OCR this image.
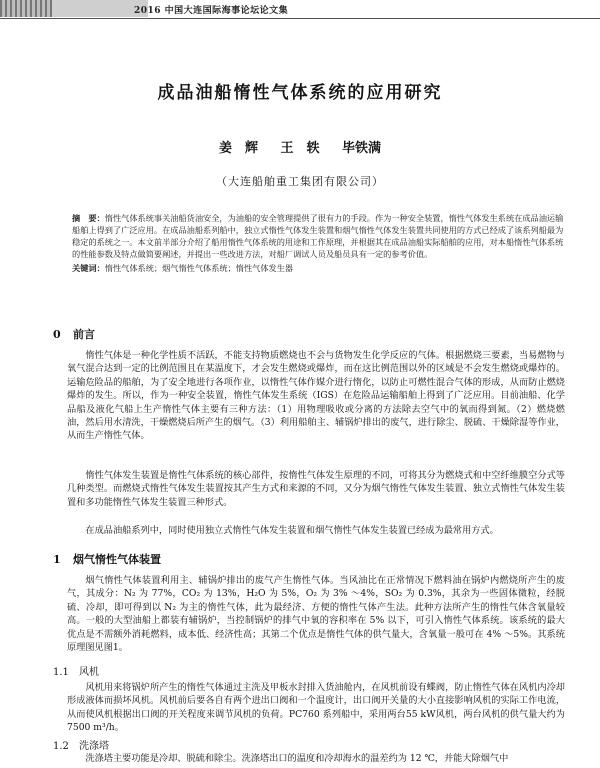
2016 中国大连国际海事论坛论文集
成品油船惰性气体系统的应用研究
姜　辉 王　轶 毕铁满
（大连船舶重工集团有限公司）
摘　要：惰性气体系统事关油船货油安全，为油船的安全管理提供了很有力的手段。作为一种安全装置，惰性气体发生系统在成品油运输船舶上得到了广泛应用。在成品油船系列船中，独立式惰性气体发生装置和烟气惰性气体发生装置共同使用的方式已经成了该系列船最为稳定的系统之一。本文前半部分介绍了船用惰性气体系统的用途和工作原理，并根据其在成品油船实际船舶的应用，对本船惰性气体系统的性能参数及特点做简要阐述，并提出一些改进方法，对船厂调试人员及船员具有一定的参考价值。
关键词：惰性气体系统；烟气惰性气体系统；惰性气体发生器
0 前言

惰性气体是一种化学性质不活跃，不能支持物质燃烧也不会与货物发生化学反应的气体。根据燃烧三要素，当易燃物与氧气混合达到一定的比例范围且在某温度下，才会发生燃烧或爆炸，而在这比例范围以外的区域是不会发生燃烧或爆炸的。运输危险品的船舶，为了安全地进行各项作业，以惰性气体作媒介进行惰化，以防止可燃性混合气体的形成，从而防止燃烧爆炸的发生。所以，作为一种安全装置，惰性气体发生系统（IGS）在危险品运输船舶上得到了广泛应用。目前油船、化学品船及液化气船上生产惰性气体主要有三种方法：（1）用物理吸收或分离的方法除去空气中的氧而得到氮。（2）燃烧燃油，然后用水清洗，干燥燃烧后所产生的烟气。（3）利用船舶主、辅锅炉排出的废气，进行除尘、脱硫、干燥除湿等作业，从而生产惰性气体。

惰性气体发生装置是惰性气体系统的核心部件，按惰性气体发生原理的不同，可将其分为燃烧式和中空纤维膜空分式等几种类型。而燃烧式惰性气体发生装置按其产生方式和来源的不同，又分为烟气惰性气体发生装置、独立式惰性气体发生装置和多功能惰性气体发生装置三种形式。

在成品油船系列中，同时使用独立式惰性气体发生装置和烟气惰性气体发生装置已经成为最常用方式。

1 烟气惰性气体装置

烟气惰性气体装置利用主、辅锅炉排出的废气产生惰性气体。当风油比在正常情况下燃料油在锅炉内燃烧所产生的废气，其成分：N₂ 为 77%，CO₂ 为 13%，H₂O 为 5%，O₂ 为 3% ～4%，SO₂ 为 0.3%，其余为一些固体微粒，经脱硫、冷却，即可得到以 N₂ 为主的惰性气体，此为最经济、方便的惰性气体产生法。此种方法所产生的惰性气体含氧量较高。一般的大型油船上都装有辅锅炉，当控制锅炉的排气中氧的容积率在 5% 以下，可引入惰性气体系统。该系统的最大优点是不需额外消耗燃料，成本低、经济性高；其第二个优点是惰性气体的供气量大，含氧量一般可在 4% ～5%。其系统原理图见图1。

1.1 风机

风机用来将锅炉所产生的惰性气体通过主洗及甲板水封排入货油舱内，在风机前设有蝶阀，防止惰性气体在风机内冷却形成液体而损坏风机。风机前后要各自有两个进出口阀和一个温度计，出口阀开关量的大小直接影响风机的实际工作电流，从而使风机根据出口阀的开关程度来调节风机的负荷。PC760 系列船中，采用两台55 kW风机，两台风机的供气量大约为 7500 m³/h。

1.2 洗涤塔

洗涤塔主要功能是冷却、脱硫和除尘。洗涤塔出口的温度和冷却海水的温差约为 12 ℃，并能大除烟气中
